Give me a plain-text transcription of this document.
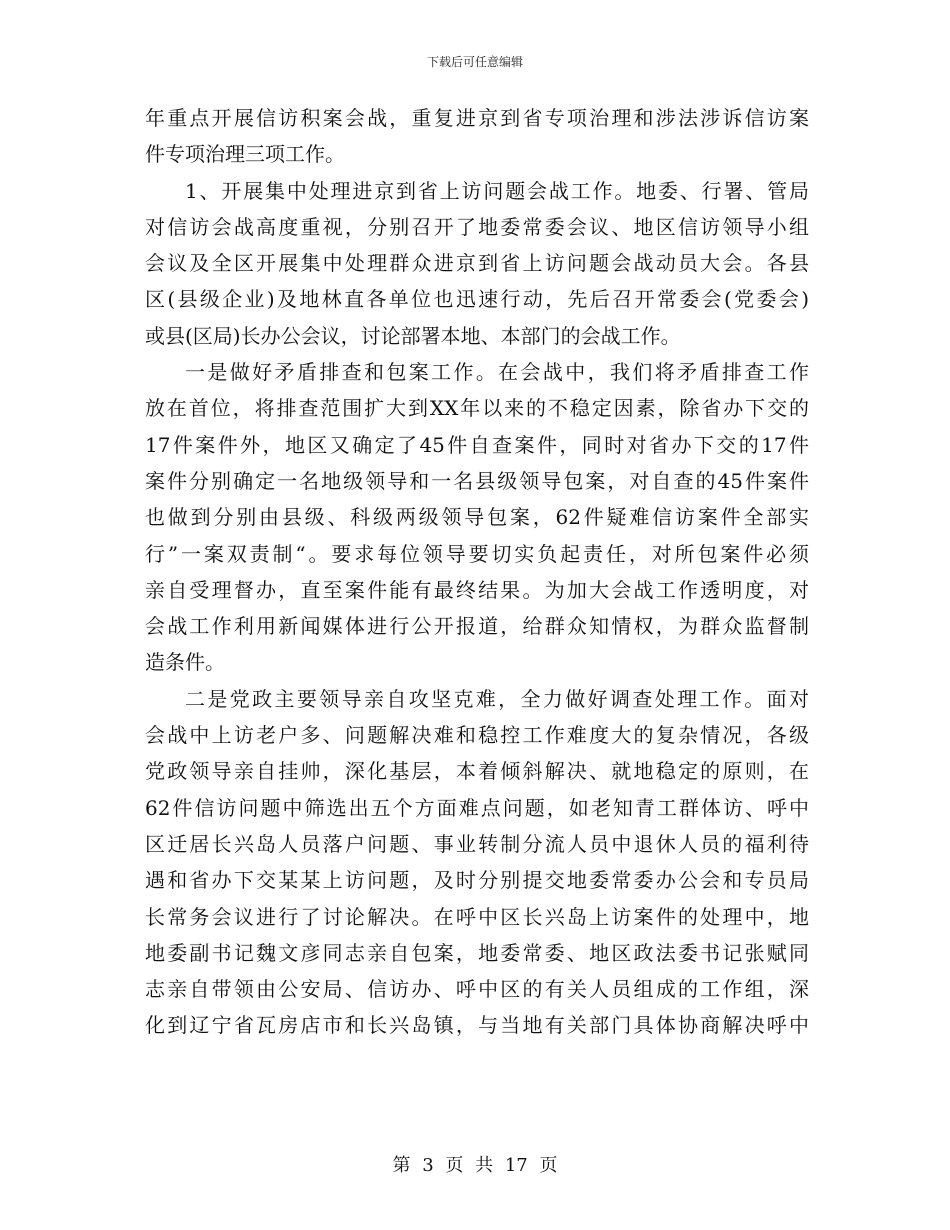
下载后可任意编辑
年重点开展信访积案会战，重复进京到省专项治理和涉法涉诉信访案
件专项治理三项工作。
1、开展集中处理进京到省上访问题会战工作。地委、行署、管局
对信访会战高度重视，分别召开了地委常委会议、地区信访领导小组
会议及全区开展集中处理群众进京到省上访问题会战动员大会。各县
区(县级企业)及地林直各单位也迅速行动，先后召开常委会(党委会)
或县(区局)长办公会议，讨论部署本地、本部门的会战工作。
一是做好矛盾排查和包案工作。在会战中，我们将矛盾排查工作
放在首位，将排查范围扩大到XX年以来的不稳定因素，除省办下交的
17件案件外，地区又确定了45件自查案件，同时对省办下交的17件
案件分别确定一名地级领导和一名县级领导包案，对自查的45件案件
也做到分别由县级、科级两级领导包案，62件疑难信访案件全部实
行”一案双责制“。要求每位领导要切实负起责任，对所包案件必须
亲自受理督办，直至案件能有最终结果。为加大会战工作透明度，对
会战工作利用新闻媒体进行公开报道，给群众知情权，为群众监督制
造条件。
二是党政主要领导亲自攻坚克难，全力做好调查处理工作。面对
会战中上访老户多、问题解决难和稳控工作难度大的复杂情况，各级
党政领导亲自挂帅，深化基层，本着倾斜解决、就地稳定的原则，在
62件信访问题中筛选出五个方面难点问题，如老知青工群体访、呼中
区迁居长兴岛人员落户问题、事业转制分流人员中退休人员的福利待
遇和省办下交某某上访问题，及时分别提交地委常委办公会和专员局
长常务会议进行了讨论解决。在呼中区长兴岛上访案件的处理中，地
地委副书记魏文彦同志亲自包案，地委常委、地区政法委书记张赋同
志亲自带领由公安局、信访办、呼中区的有关人员组成的工作组，深
化到辽宁省瓦房店市和长兴岛镇，与当地有关部门具体协商解决呼中
第 3 页 共 17 页
